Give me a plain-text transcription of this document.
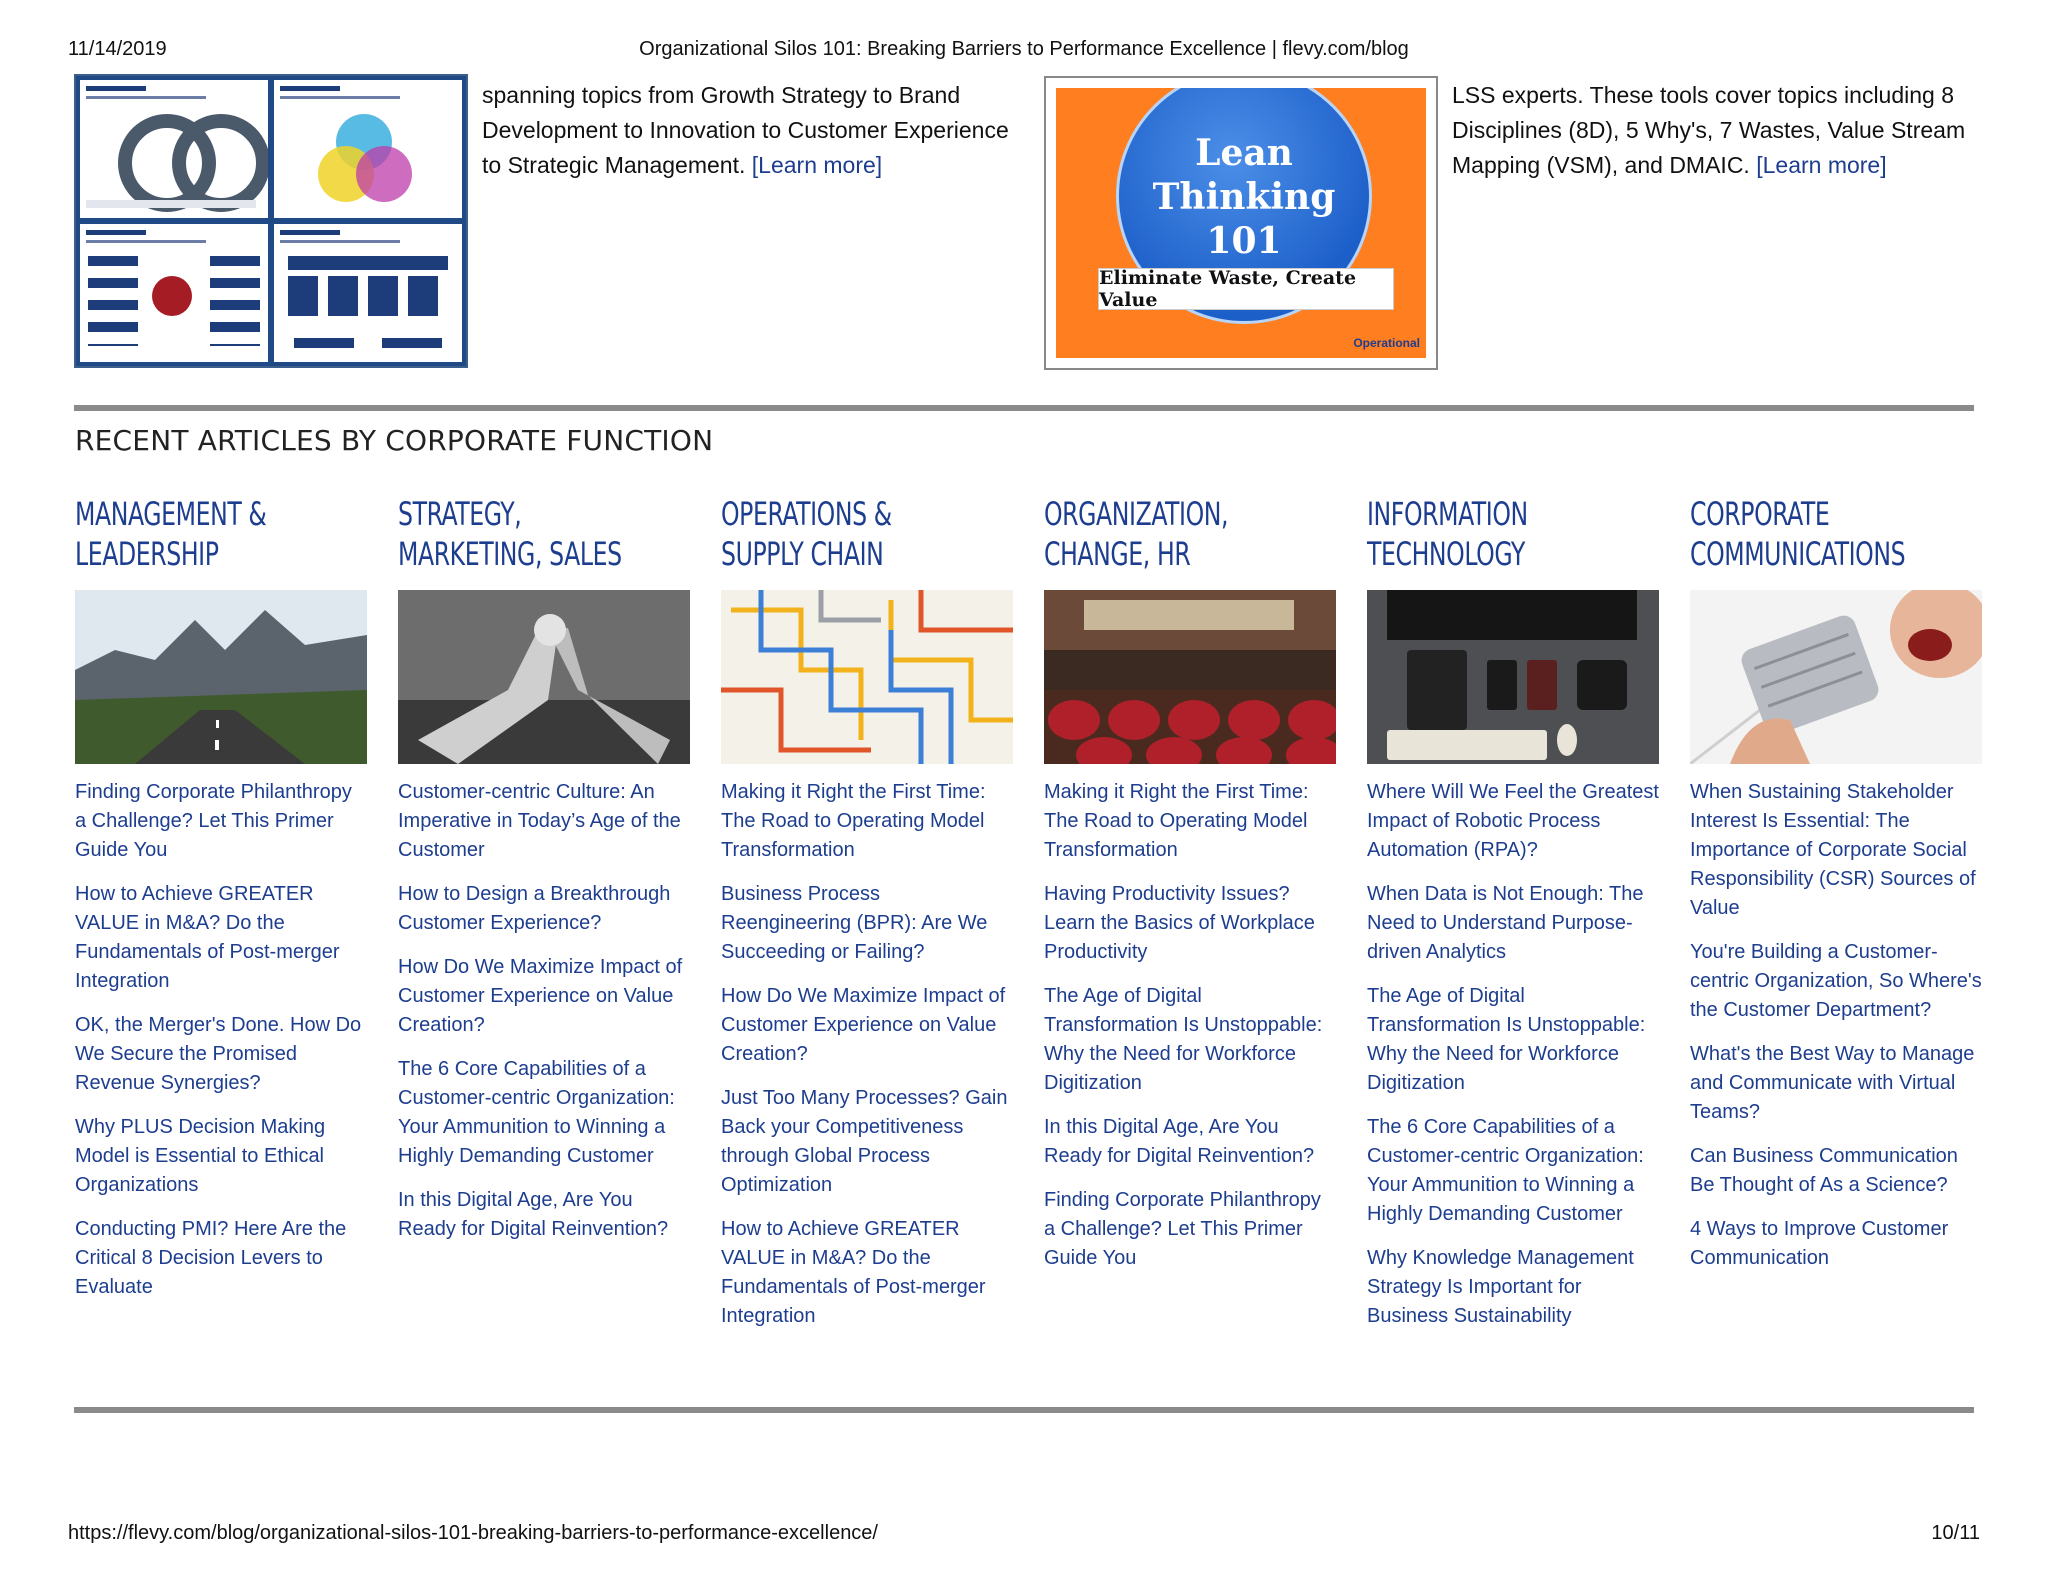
11/14/2019	Organizational Silos 101: Breaking Barriers to Performance Excellence | flevy.com/blog
spanning topics from Growth Strategy to Brand Development to Innovation to Customer Experience to Strategic Management. [Learn more]	Lean
Thinking
101
Eliminate Waste, Create Value
Operational
LSS experts. These tools cover topics including 8 Disciplines (8D), 5 Why's, 7 Wastes, Value Stream Mapping (VSM), and DMAIC. [Learn more]
RECENT ARTICLES BY CORPORATE FUNCTION
MANAGEMENT &
LEADERSHIP
Finding Corporate Philanthropy a Challenge? Let This Primer Guide You
How to Achieve GREATER VALUE in M&A? Do the Fundamentals of Post-merger Integration
OK, the Merger's Done. How Do We Secure the Promised Revenue Synergies?
Why PLUS Decision Making Model is Essential to Ethical Organizations
Conducting PMI? Here Are the Critical 8 Decision Levers to Evaluate
STRATEGY,
MARKETING, SALES
Customer-centric Culture: An Imperative in Today’s Age of the Customer
How to Design a Breakthrough Customer Experience?
How Do We Maximize Impact of Customer Experience on Value Creation?
The 6 Core Capabilities of a Customer-centric Organization: Your Ammunition to Winning a Highly Demanding Customer
In this Digital Age, Are You Ready for Digital Reinvention?
OPERATIONS &
SUPPLY CHAIN
Making it Right the First Time: The Road to Operating Model Transformation
Business Process Reengineering (BPR): Are We Succeeding or Failing?
How Do We Maximize Impact of Customer Experience on Value Creation?
Just Too Many Processes? Gain Back your Competitiveness through Global Process Optimization
How to Achieve GREATER VALUE in M&A? Do the Fundamentals of Post-merger Integration
ORGANIZATION,
CHANGE, HR
Making it Right the First Time: The Road to Operating Model Transformation
Having Productivity Issues? Learn the Basics of Workplace Productivity
The Age of Digital Transformation Is Unstoppable: Why the Need for Workforce Digitization
In this Digital Age, Are You Ready for Digital Reinvention?
Finding Corporate Philanthropy a Challenge? Let This Primer Guide You
INFORMATION
TECHNOLOGY
Where Will We Feel the Greatest Impact of Robotic Process Automation (RPA)?
When Data is Not Enough: The Need to Understand Purpose-driven Analytics
The Age of Digital Transformation Is Unstoppable: Why the Need for Workforce Digitization
The 6 Core Capabilities of a Customer-centric Organization: Your Ammunition to Winning a Highly Demanding Customer
Why Knowledge Management Strategy Is Important for Business Sustainability
CORPORATE
COMMUNICATIONS
When Sustaining Stakeholder Interest Is Essential: The Importance of Corporate Social Responsibility (CSR) Sources of Value
You're Building a Customer-centric Organization, So Where's the Customer Department?
What's the Best Way to Manage and Communicate with Virtual Teams?
Can Business Communication Be Thought of As a Science?
4 Ways to Improve Customer Communication
https://flevy.com/blog/organizational-silos-101-breaking-barriers-to-performance-excellence/	10/11
